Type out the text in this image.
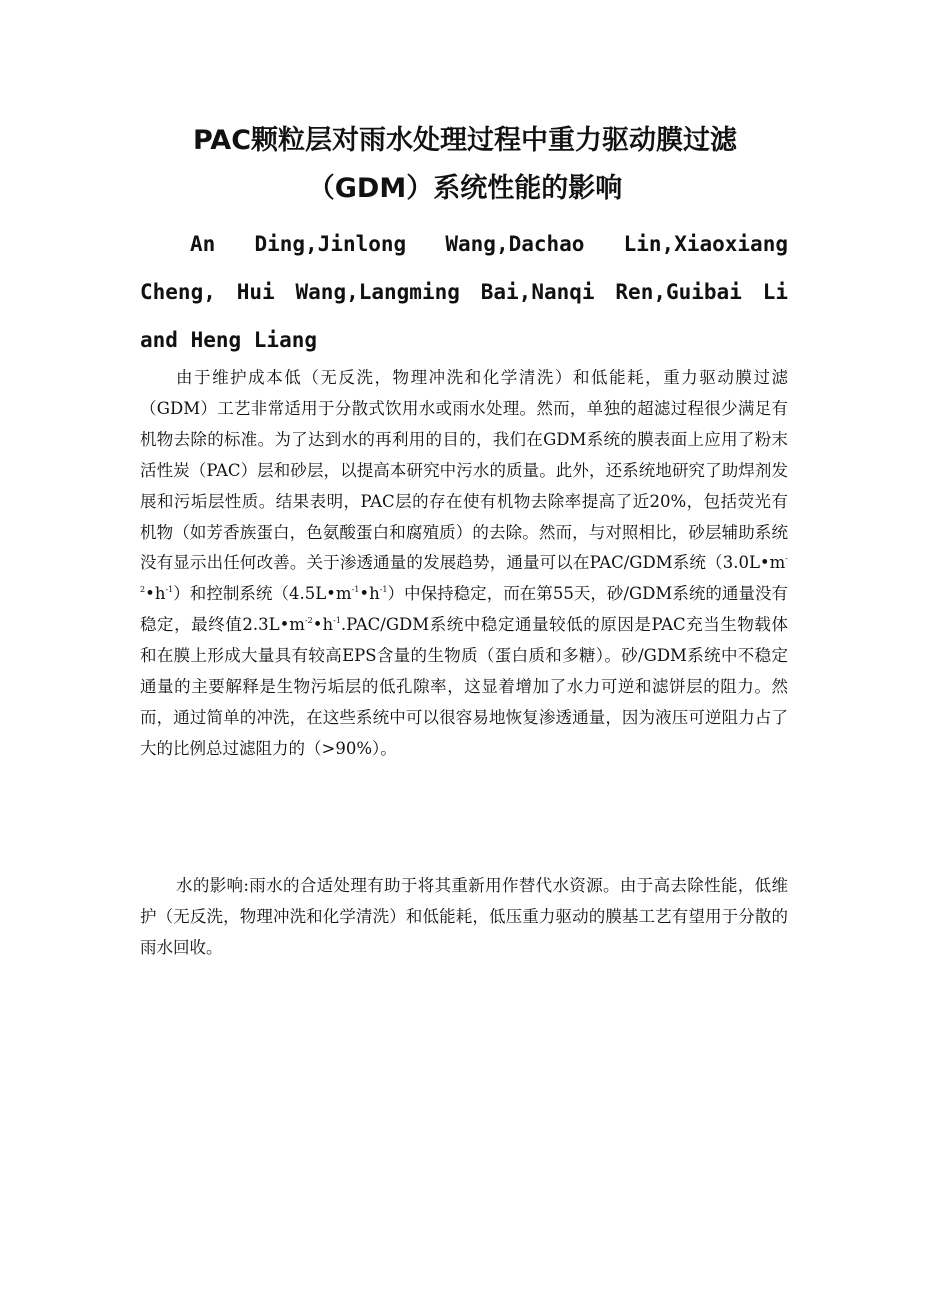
PAC颗粒层对雨水处理过程中重力驱动膜过滤
（GDM）系统性能的影响

An Ding,Jinlong Wang,Dachao Lin,Xiaoxiang Cheng, Hui Wang,Langming Bai,Nanqi Ren,Guibai Li and Heng Liang

由于维护成本低（无反洗，物理冲洗和化学清洗）和低能耗，重力驱动膜过滤（GDM）工艺非常适用于分散式饮用水或雨水处理。然而，单独的超滤过程很少满足有机物去除的标准。为了达到水的再利用的目的，我们在GDM系统的膜表面上应用了粉末活性炭（PAC）层和砂层，以提高本研究中污水的质量。此外，还系统地研究了助焊剂发展和污垢层性质。结果表明，PAC层的存在使有机物去除率提高了近20%，包括荧光有机物（如芳香族蛋白，色氨酸蛋白和腐殖质）的去除。然而，与对照相比，砂层辅助系统没有显示出任何改善。关于渗透通量的发展趋势，通量可以在PAC/GDM系统$(3.0L•m^{-2}•h^{-1})$和控制系统$(4.5L•m^{-1}•h^{-1})$中保持稳定，而在第55天，砂/GDM系统的通量没有稳定，最终值$2.3L•m^{-2}•h^{-1}.PAC$/GDM系统中稳定通量较低的原因是PAC充当生物载体和在膜上形成大量具有较高EPS含量的生物质（蛋白质和多糖）。砂/GDM系统中不稳定通量的主要解释是生物污垢层的低孔隙率，这显着增加了水力可逆和滤饼层的阻力。然而，通过简单的冲洗，在这些系统中可以很容易地恢复渗透通量，因为液压可逆阻力占了大的比例总过滤阻力的（>90%）。

水的影响:雨水的合适处理有助于将其重新用作替代水资源。由于高去除性能，低维护（无反洗，物理冲洗和化学清洗）和低能耗，低压重力驱动的膜基工艺有望用于分散的雨水回收。
